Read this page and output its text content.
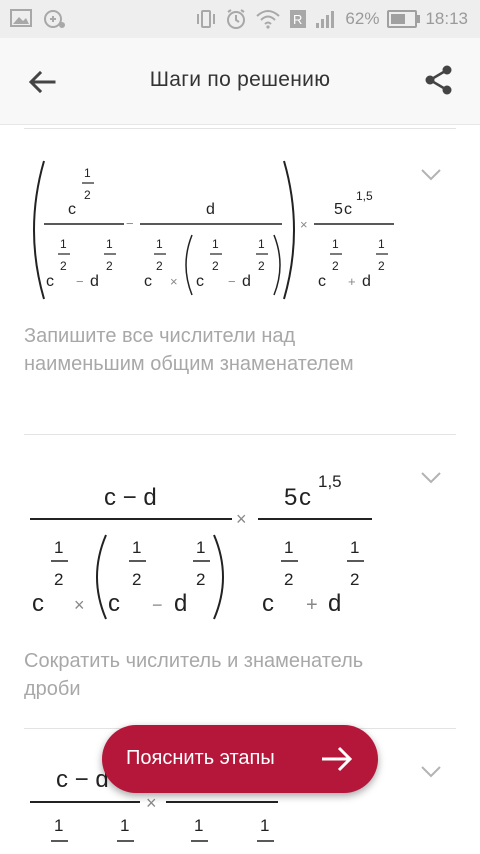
R	62%	18:13
Шаги по решению
c
1
2
c
1
2
− d
1
2
−
d
c
1
2
× c
1
2
− d
1
2
×
5 c
1,5
c
1
2
+ d
1
2
Запишите все числители над наименьшим общим знаменателем
c − d
c
1
2
× c
1
2
− d
1
2
×
5 c
1,5
c
1
2
+ d
1
2
Сократить числитель и знаменатель дроби
c − d
×
1	1	1	1
Пояснить этапы
